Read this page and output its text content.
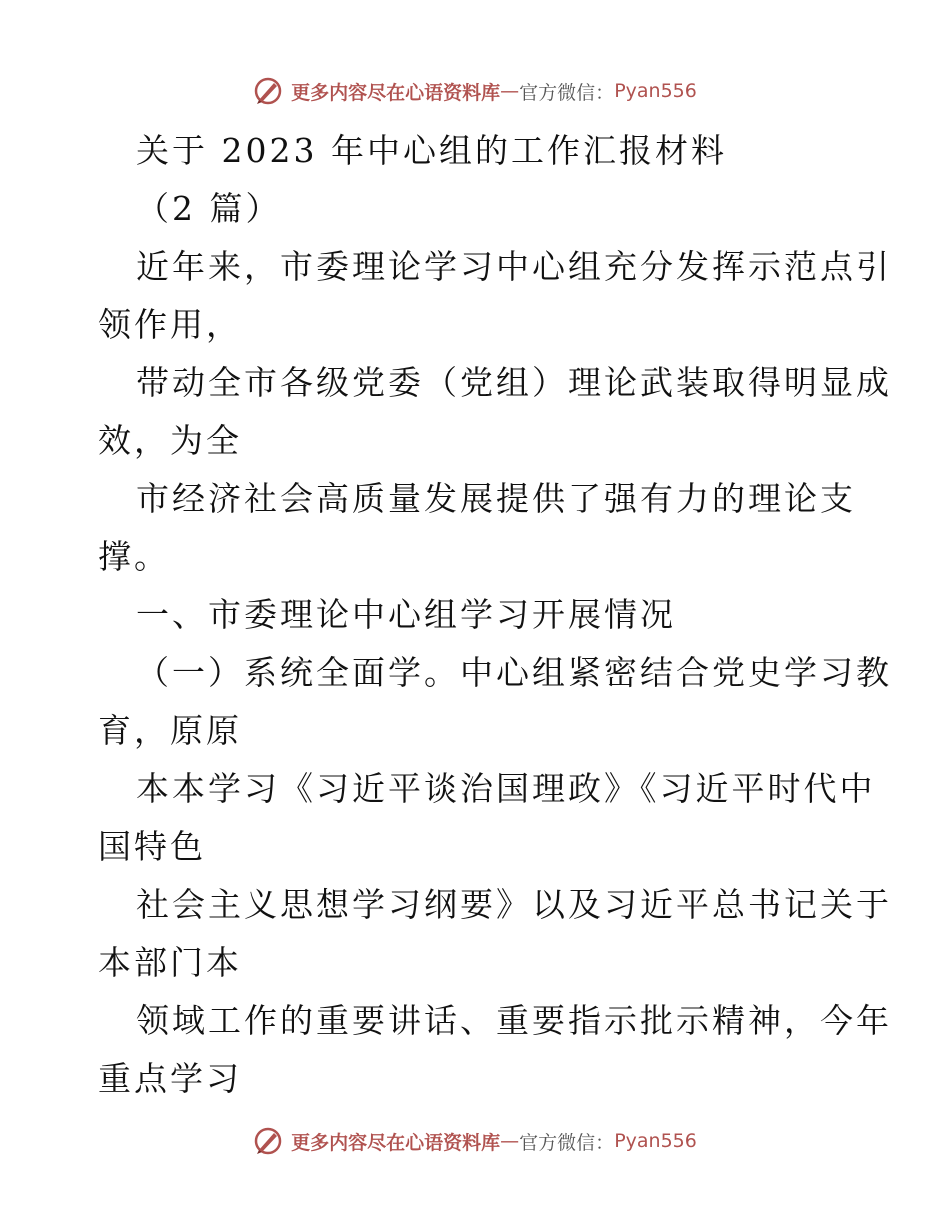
更多内容尽在心语资料库 — 官方微信： Pyan556
关于 2023 年中心组的工作汇报材料
（2 篇）
近年来，市委理论学习中心组充分发挥示范点引
领作用，
带动全市各级党委（党组）理论武装取得明显成
效，为全
市经济社会高质量发展提供了强有力的理论支
撑。
一、市委理论中心组学习开展情况
（一）系统全面学。中心组紧密结合党史学习教
育，原原
本本学习《习近平谈治国理政》《习近平时代中
国特色
社会主义思想学习纲要》以及习近平总书记关于
本部门本
领域工作的重要讲话、重要指示批示精神，今年
重点学习
更多内容尽在心语资料库 — 官方微信： Pyan556
